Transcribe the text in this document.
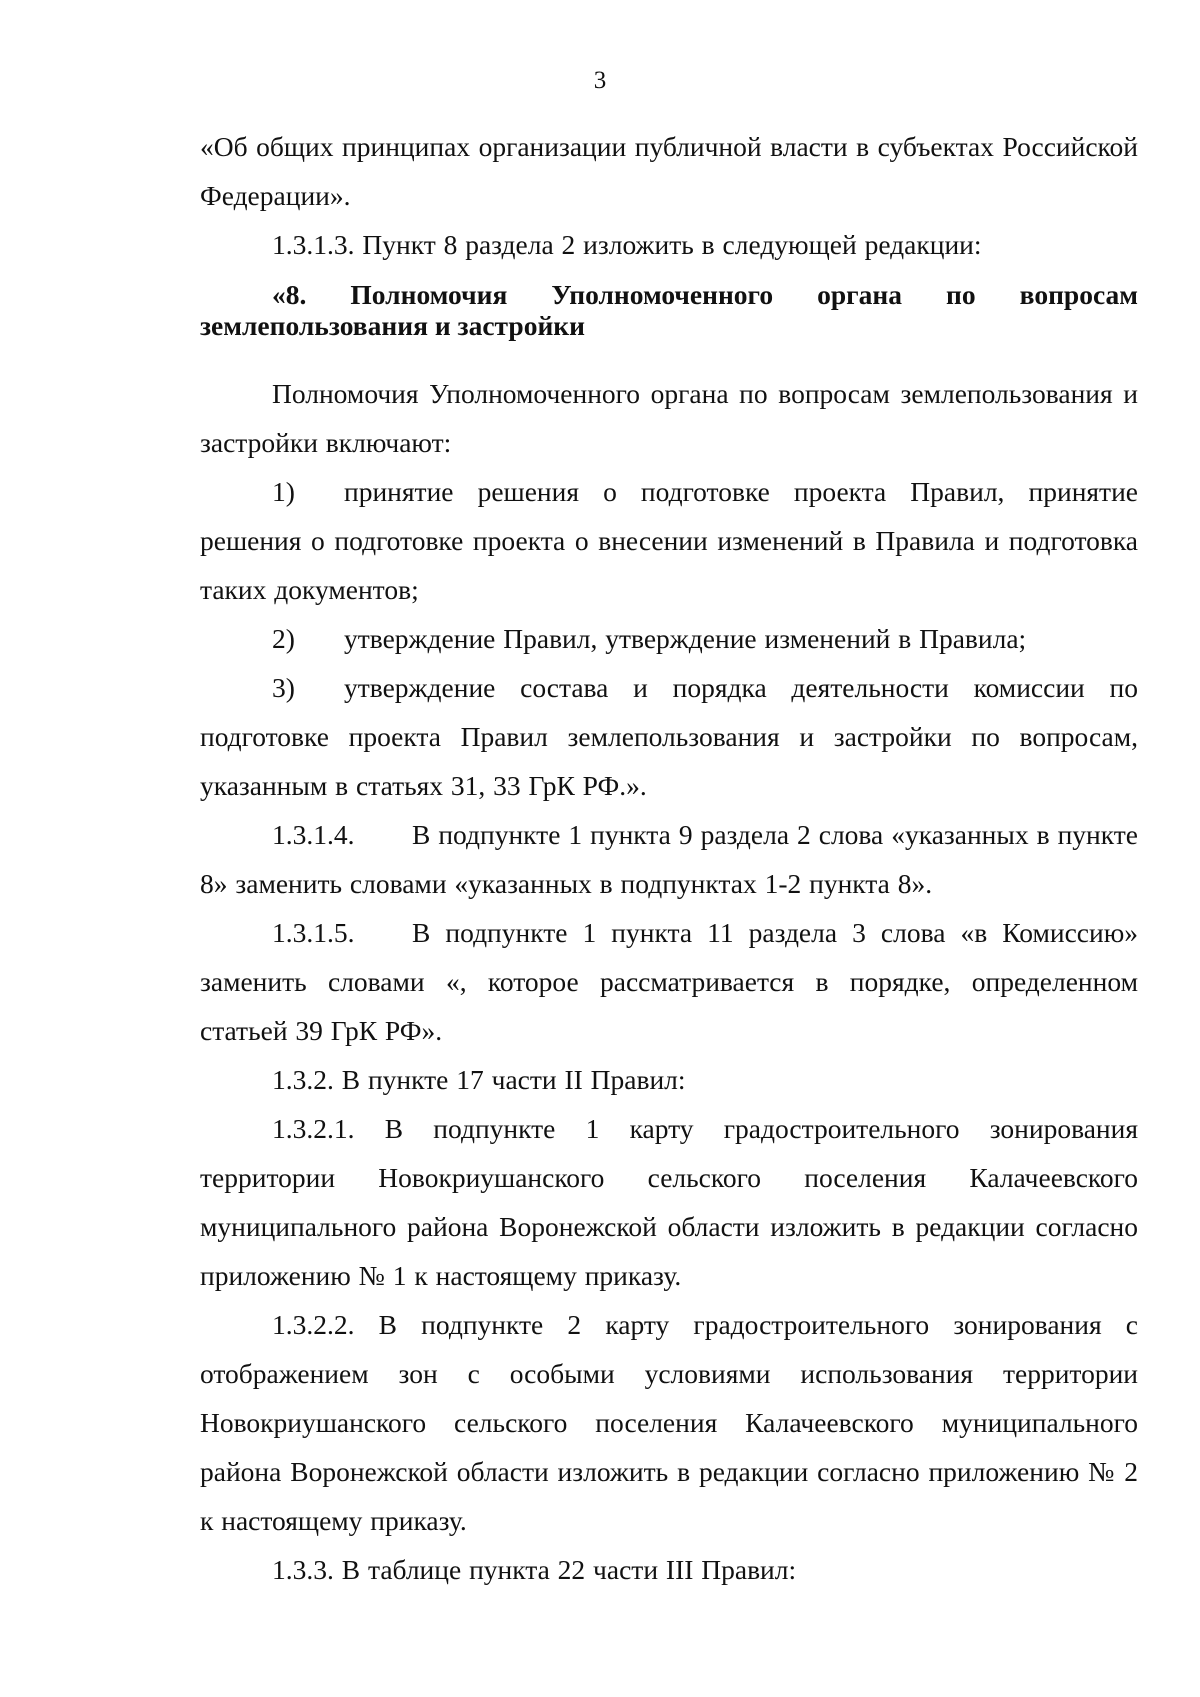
3

«Об общих принципах организации публичной власти в субъектах Российской Федерации».

1.3.1.3. Пункт 8 раздела 2 изложить в следующей редакции:

«8. Полномочия Уполномоченного органа по вопросам землепользования и застройки

Полномочия Уполномоченного органа по вопросам землепользования и застройки включают:

1) принятие решения о подготовке проекта Правил, принятие решения о подготовке проекта о внесении изменений в Правила и подготовка таких документов;

2) утверждение Правил, утверждение изменений в Правила;

3) утверждение состава и порядка деятельности комиссии по подготовке проекта Правил землепользования и застройки по вопросам, указанным в статьях 31, 33 ГрК РФ.».

1.3.1.4. В подпункте 1 пункта 9 раздела 2 слова «указанных в пункте 8» заменить словами «указанных в подпунктах 1-2 пункта 8».

1.3.1.5. В подпункте 1 пункта 11 раздела 3 слова «в Комиссию» заменить словами «, которое рассматривается в порядке, определенном статьей 39 ГрК РФ».

1.3.2. В пункте 17 части II Правил:

1.3.2.1. В подпункте 1 карту градостроительного зонирования территории Новокриушанского сельского поселения Калачеевского муниципального района Воронежской области изложить в редакции согласно приложению № 1 к настоящему приказу.

1.3.2.2. В подпункте 2 карту градостроительного зонирования с отображением зон с особыми условиями использования территории Новокриушанского сельского поселения Калачеевского муниципального района Воронежской области изложить в редакции согласно приложению № 2 к настоящему приказу.

1.3.3. В таблице пункта 22 части III Правил:
